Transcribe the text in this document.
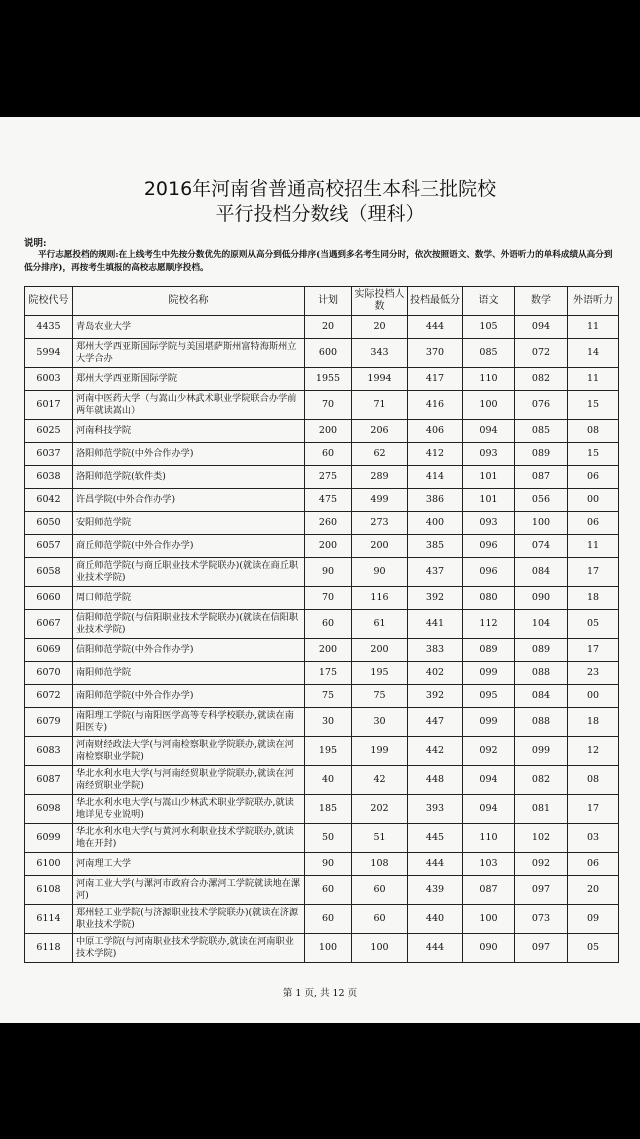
2016年河南省普通高校招生本科三批院校
平行投档分数线（理科）
说明:
平行志愿投档的规则:在上线考生中先按分数优先的原则从高分到低分排序(当遇到多名考生同分时，依次按照语文、数学、外语听力的单科成绩从高分到低分排序)，再按考生填报的高校志愿顺序投档。
院校代号	院校名称	计划	实际投档人数	投档最低分	语文	数学	外语听力
4435	青岛农业大学	20	20	444	105	094	11
5994	郑州大学西亚斯国际学院与美国堪萨斯州富特海斯州立大学合办	600	343	370	085	072	14
6003	郑州大学西亚斯国际学院	1955	1994	417	110	082	11
6017	河南中医药大学（与嵩山少林武术职业学院联合办学前两年就读嵩山）	70	71	416	100	076	15
6025	河南科技学院	200	206	406	094	085	08
6037	洛阳师范学院(中外合作办学)	60	62	412	093	089	15
6038	洛阳师范学院(软件类)	275	289	414	101	087	06
6042	许昌学院(中外合作办学)	475	499	386	101	056	00
6050	安阳师范学院	260	273	400	093	100	06
6057	商丘师范学院(中外合作办学)	200	200	385	096	074	11
6058	商丘师范学院(与商丘职业技术学院联办)(就读在商丘职业技术学院)	90	90	437	096	084	17
6060	周口师范学院	70	116	392	080	090	18
6067	信阳师范学院(与信阳职业技术学院联办)(就读在信阳职业技术学院)	60	61	441	112	104	05
6069	信阳师范学院(中外合作办学)	200	200	383	089	089	17
6070	南阳师范学院	175	195	402	099	088	23
6072	南阳师范学院(中外合作办学)	75	75	392	095	084	00
6079	南阳理工学院(与南阳医学高等专科学校联办,就读在南阳医专)	30	30	447	099	088	18
6083	河南财经政法大学(与河南检察职业学院联办,就读在河南检察职业学院)	195	199	442	092	099	12
6087	华北水利水电大学(与河南经贸职业学院联办,就读在河南经贸职业学院)	40	42	448	094	082	08
6098	华北水利水电大学(与嵩山少林武术职业学院联办,就读地详见专业说明)	185	202	393	094	081	17
6099	华北水利水电大学(与黄河水利职业技术学院联办,就读地在开封)	50	51	445	110	102	03
6100	河南理工大学	90	108	444	103	092	06
6108	河南工业大学(与漯河市政府合办漯河工学院就读地在漯河)	60	60	439	087	097	20
6114	郑州轻工业学院(与济源职业技术学院联办)(就读在济源职业技术学院)	60	60	440	100	073	09
6118	中原工学院(与河南职业技术学院联办,就读在河南职业技术学院)	100	100	444	090	097	05
第 1 页, 共 12 页
